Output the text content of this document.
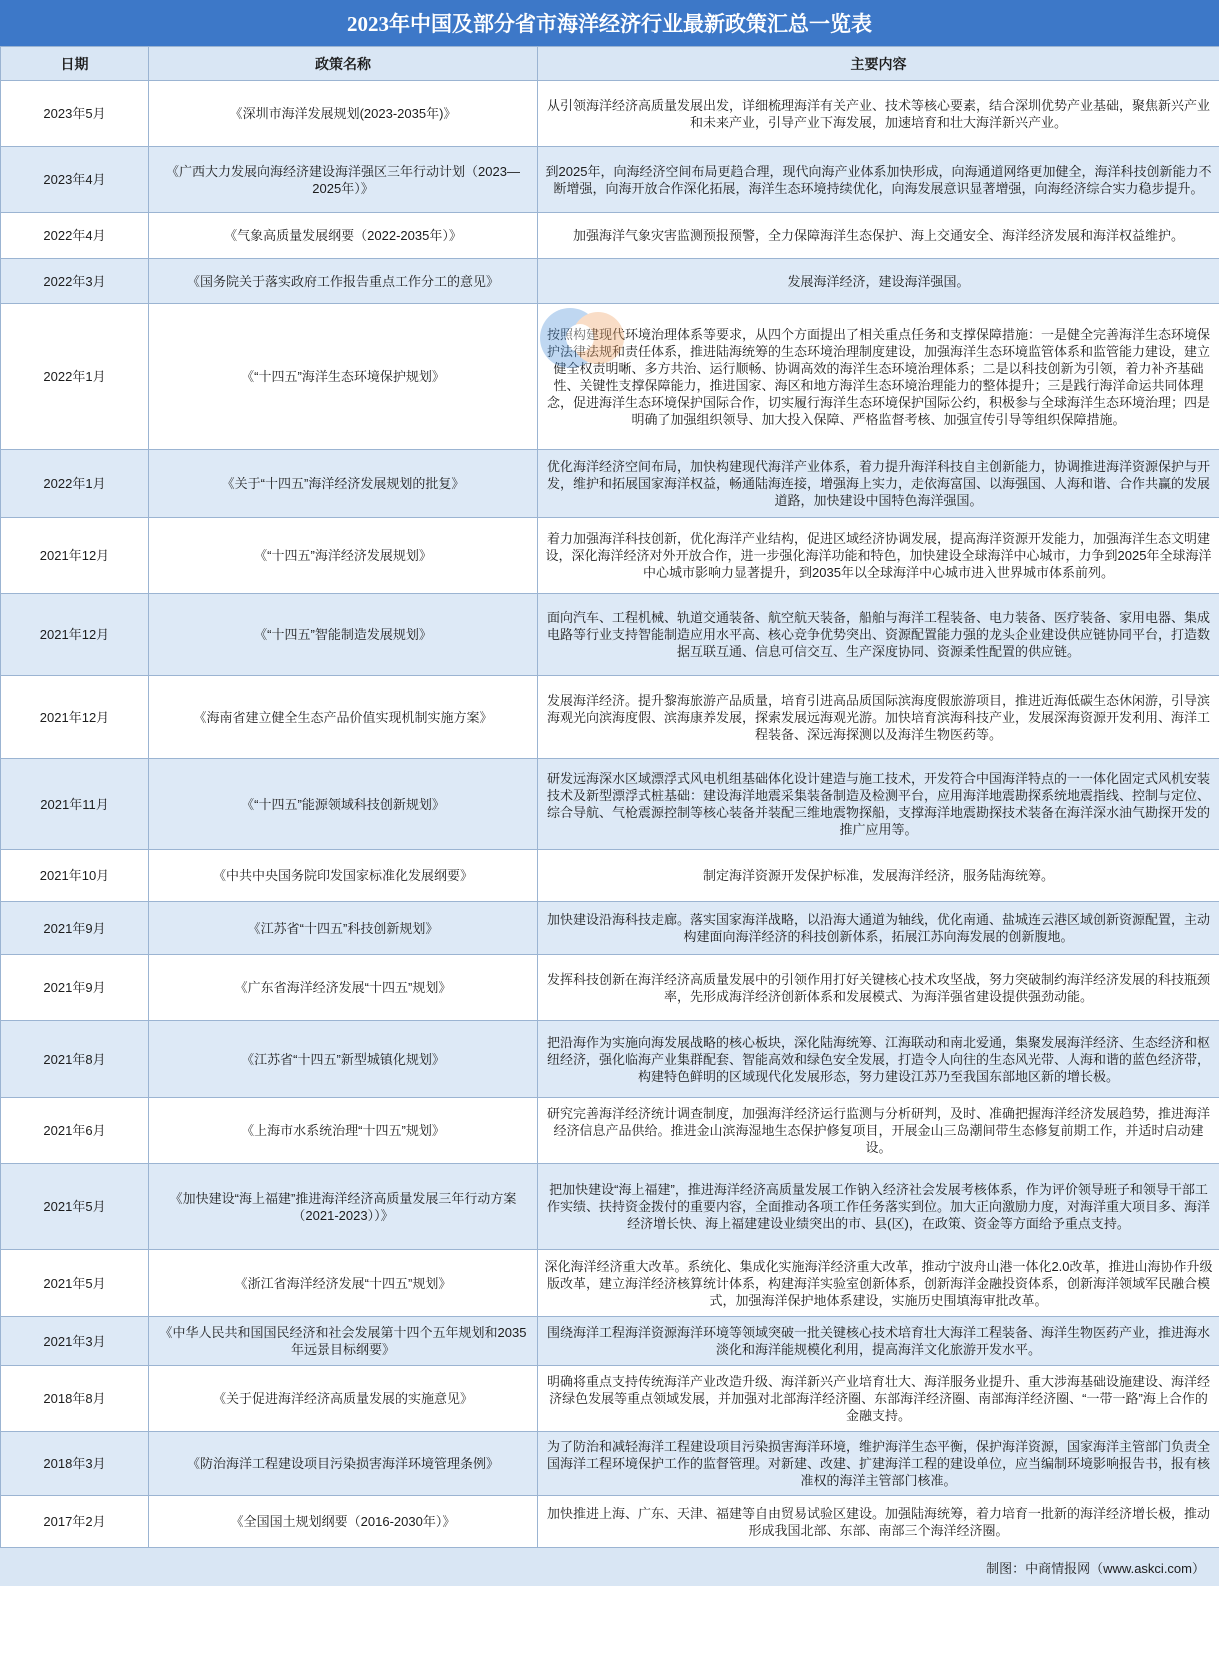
2023年中国及部分省市海洋经济行业最新政策汇总一览表
日期	政策名称	主要内容
2023年5月	《深圳市海洋发展规划(2023-2035年)》	从引领海洋经济高质量发展出发，详细梳理海洋有关产业、技术等核心要素，结合深圳优势产业基础，聚焦新兴产业和未来产业，引导产业下海发展，加速培育和壮大海洋新兴产业。
2023年4月	《广西大力发展向海经济建设海洋强区三年行动计划（2023—2025年）》	到2025年，向海经济空间布局更趋合理，现代向海产业体系加快形成，向海通道网络更加健全，海洋科技创新能力不断增强，向海开放合作深化拓展，海洋生态环境持续优化，向海发展意识显著增强，向海经济综合实力稳步提升。
2022年4月	《气象高质量发展纲要（2022-2035年）》	加强海洋气象灾害监测预报预警，全力保障海洋生态保护、海上交通安全、海洋经济发展和海洋权益维护。
2022年3月	《国务院关于落实政府工作报告重点工作分工的意见》	发展海洋经济，建设海洋强国。
2022年1月	《“十四五”海洋生态环境保护规划》	按照构建现代环境治理体系等要求，从四个方面提出了相关重点任务和支撑保障措施：一是健全完善海洋生态环境保护法律法规和责任体系，推进陆海统筹的生态环境治理制度建设，加强海洋生态环境监管体系和监管能力建设，建立健全权责明晰、多方共治、运行顺畅、协调高效的海洋生态环境治理体系；二是以科技创新为引领，着力补齐基础性、关键性支撑保障能力，推进国家、海区和地方海洋生态环境治理能力的整体提升；三是践行海洋命运共同体理念，促进海洋生态环境保护国际合作，切实履行海洋生态环境保护国际公约，积极参与全球海洋生态环境治理；四是明确了加强组织领导、加大投入保障、严格监督考核、加强宣传引导等组织保障措施。
2022年1月	《关于“十四五”海洋经济发展规划的批复》	优化海洋经济空间布局，加快构建现代海洋产业体系，着力提升海洋科技自主创新能力，协调推进海洋资源保护与开发，维护和拓展国家海洋权益，畅通陆海连接，增强海上实力，走依海富国、以海强国、人海和谐、合作共赢的发展道路，加快建设中国特色海洋强国。
2021年12月	《“十四五”海洋经济发展规划》	着力加强海洋科技创新，优化海洋产业结构，促进区域经济协调发展，提高海洋资源开发能力，加强海洋生态文明建设，深化海洋经济对外开放合作，进一步强化海洋功能和特色，加快建设全球海洋中心城市，力争到2025年全球海洋中心城市影响力显著提升，到2035年以全球海洋中心城市进入世界城市体系前列。
2021年12月	《“十四五”智能制造发展规划》	面向汽车、工程机械、轨道交通装备、航空航天装备，船舶与海洋工程装备、电力装备、医疗装备、家用电器、集成电路等行业支持智能制造应用水平高、核心竞争优势突出、资源配置能力强的龙头企业建设供应链协同平台，打造数据互联互通、信息可信交互、生产深度协同、资源柔性配置的供应链。
2021年12月	《海南省建立健全生态产品价值实现机制实施方案》	发展海洋经济。提升黎海旅游产品质量，培育引进高品质国际滨海度假旅游项目，推进近海低碳生态休闲游，引导滨海观光向滨海度假、滨海康养发展，探索发展远海观光游。加快培育滨海科技产业，发展深海资源开发利用、海洋工程装备、深远海探测以及海洋生物医药等。
2021年11月	《“十四五”能源领域科技创新规划》	研发远海深水区域漂浮式风电机组基础体化设计建造与施工技术，开发符合中国海洋特点的一一体化固定式风机安装技术及新型漂浮式桩基础：建设海洋地震采集装备制造及检测平台，应用海洋地震勘探系统地震指线、控制与定位、综合导航、气枪震源控制等核心装备并装配三维地震物探船，支撑海洋地震勘探技术装备在海洋深水油气勘探开发的推广应用等。
2021年10月	《中共中央国务院印发国家标准化发展纲要》	制定海洋资源开发保护标准，发展海洋经济，服务陆海统筹。
2021年9月	《江苏省“十四五”科技创新规划》	加快建设沿海科技走廊。落实国家海洋战略，以沿海大通道为轴线，优化南通、盐城连云港区域创新资源配置，主动构建面向海洋经济的科技创新体系，拓展江苏向海发展的创新腹地。
2021年9月	《广东省海洋经济发展“十四五”规划》	发挥科技创新在海洋经济高质量发展中的引领作用打好关键核心技术攻坚战，努力突破制约海洋经济发展的科技瓶颈率，先形成海洋经济创新体系和发展模式、为海洋强省建设提供强劲动能。
2021年8月	《江苏省“十四五”新型城镇化规划》	把沿海作为实施向海发展战略的核心板块，深化陆海统筹、江海联动和南北爱通，集聚发展海洋经济、生态经济和枢纽经济，强化临海产业集群配套、智能高效和绿色安全发展，打造令人向往的生态风光带、人海和谐的蓝色经济带，构建特色鲜明的区域现代化发展形态，努力建设江苏乃至我国东部地区新的增长极。
2021年6月	《上海市水系统治理“十四五”规划》	研究完善海洋经济统计调查制度，加强海洋经济运行监测与分析研判，及时、准确把握海洋经济发展趋势，推进海洋经济信息产品供给。推进金山滨海湿地生态保护修复项目，开展金山三岛潮间带生态修复前期工作，并适时启动建设。
2021年5月	《加快建设“海上福建”推进海洋经济高质量发展三年行动方案（2021-2023））》	把加快建设“海上福建”，推进海洋经济高质量发展工作钠入经济社会发展考核体系，作为评价领导班子和领导干部工作实绩、扶持资金拨付的重要内容，全面推动各项工作任务落实到位。加大正向激励力度，对海洋重大项目多、海洋经济增长快、海上福建建设业绩突出的市、县(区)，在政策、资金等方面给予重点支持。
2021年5月	《浙江省海洋经济发展“十四五”规划》	深化海洋经济重大改革。系统化、集成化实施海洋经济重大改革，推动宁波舟山港一体化2.0改革，推进山海协作升级版改革，建立海洋经济核算统计体系，构建海洋实验室创新体系，创新海洋金融投资体系，创新海洋领域军民融合模式，加强海洋保护地体系建设，实施历史围填海审批改革。
2021年3月	《中华人民共和国国民经济和社会发展第十四个五年规划和2035年远景目标纲要》	围绕海洋工程海洋资源海洋环境等领域突破一批关键核心技术培育壮大海洋工程装备、海洋生物医药产业，推进海水淡化和海洋能规模化利用，提高海洋文化旅游开发水平。
2018年8月	《关于促进海洋经济高质量发展的实施意见》	明确将重点支持传统海洋产业改造升级、海洋新兴产业培育壮大、海洋服务业提升、重大涉海基础设施建设、海洋经济绿色发展等重点领域发展，并加强对北部海洋经济圈、东部海洋经济圈、南部海洋经济圈、“一带一路”海上合作的金融支持。
2018年3月	《防治海洋工程建设项目污染损害海洋环境管理条例》	为了防治和减轻海洋工程建设项目污染损害海洋环境，维护海洋生态平衡，保护海洋资源，国家海洋主管部门负责全国海洋工程环境保护工作的监督管理。对新建、改建、扩建海洋工程的建设单位，应当编制环境影响报告书，报有核准权的海洋主管部门核准。
2017年2月	《全国国土规划纲要（2016-2030年）》	加快推进上海、广东、天津、福建等自由贸易试验区建设。加强陆海统筹，着力培育一批新的海洋经济增长极，推动形成我国北部、东部、南部三个海洋经济圈。
制图：中商情报网（www.askci.com）
